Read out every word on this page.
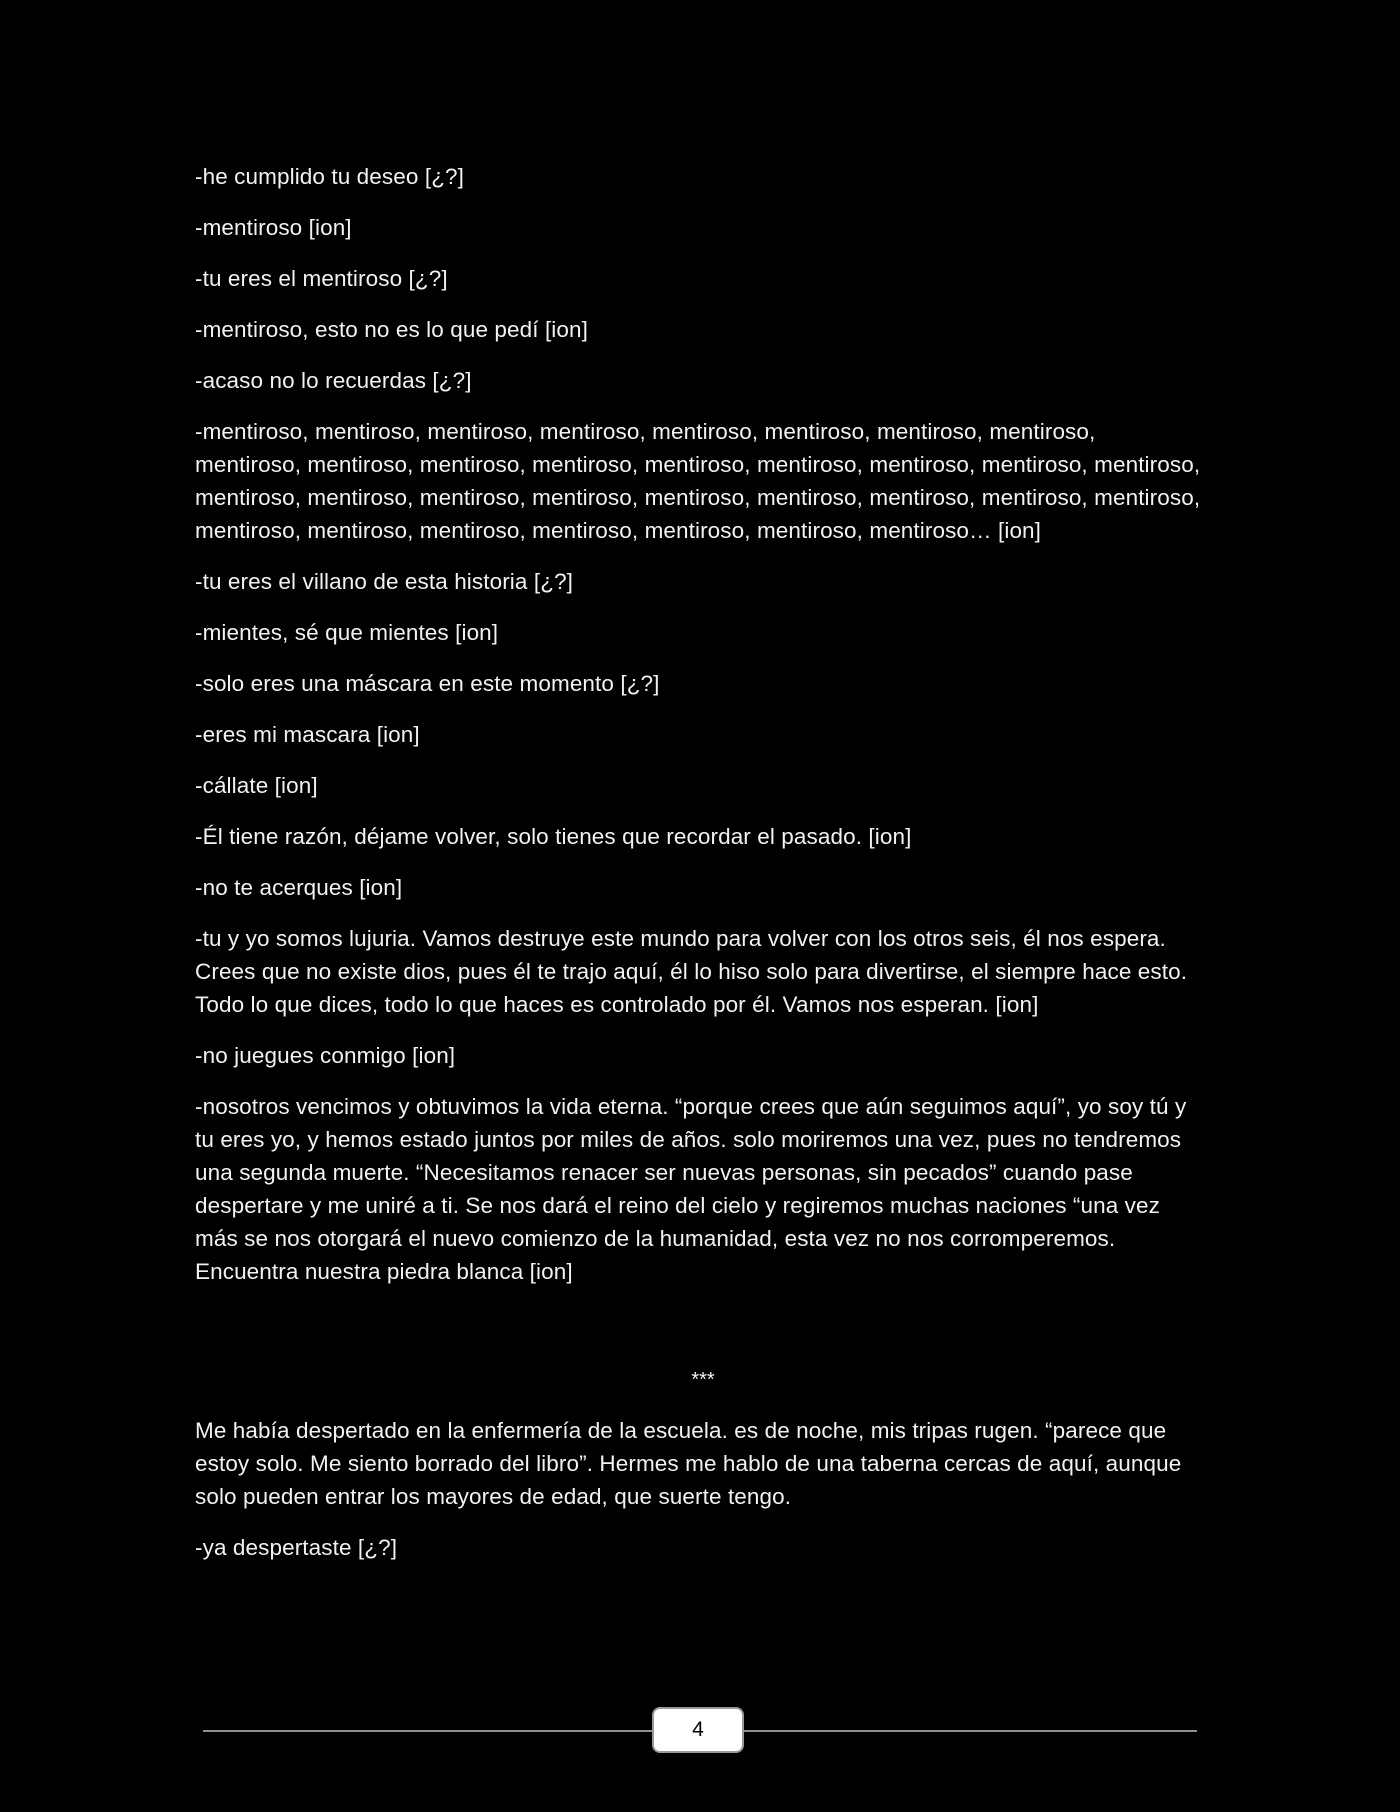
-he cumplido tu deseo [¿?]

-mentiroso [ion]

-tu eres el mentiroso [¿?]

-mentiroso, esto no es lo que pedí [ion]

-acaso no lo recuerdas [¿?]

-mentiroso, mentiroso, mentiroso, mentiroso, mentiroso, mentiroso, mentiroso, mentiroso, mentiroso, mentiroso, mentiroso, mentiroso, mentiroso, mentiroso, mentiroso, mentiroso, mentiroso, mentiroso, mentiroso, mentiroso, mentiroso, mentiroso, mentiroso, mentiroso, mentiroso, mentiroso, mentiroso, mentiroso, mentiroso, mentiroso, mentiroso, mentiroso, mentiroso… [ion]

-tu eres el villano de esta historia [¿?]

-mientes, sé que mientes [ion]

-solo eres una máscara en este momento [¿?]

-eres mi mascara [ion]

-cállate [ion]

-Él tiene razón, déjame volver, solo tienes que recordar el pasado. [ion]

-no te acerques [ion]

-tu y yo somos lujuria. Vamos destruye este mundo para volver con los otros seis, él nos espera. Crees que no existe dios, pues él te trajo aquí, él lo hiso solo para divertirse, el siempre hace esto. Todo lo que dices, todo lo que haces es controlado por él. Vamos nos esperan. [ion]

-no juegues conmigo [ion]

-nosotros vencimos y obtuvimos la vida eterna. “porque crees que aún seguimos aquí”, yo soy tú y tu eres yo, y hemos estado juntos por miles de años. solo moriremos una vez, pues no tendremos una segunda muerte. “Necesitamos renacer ser nuevas personas, sin pecados” cuando pase despertare y me uniré a ti. Se nos dará el reino del cielo y regiremos muchas naciones “una vez más se nos otorgará el nuevo comienzo de la humanidad, esta vez no nos corromperemos. Encuentra nuestra piedra blanca [ion]

***

Me había despertado en la enfermería de la escuela. es de noche, mis tripas rugen. “parece que estoy solo. Me siento borrado del libro”. Hermes me hablo de una taberna cercas de aquí, aunque solo pueden entrar los mayores de edad, que suerte tengo.

-ya despertaste [¿?]

4
